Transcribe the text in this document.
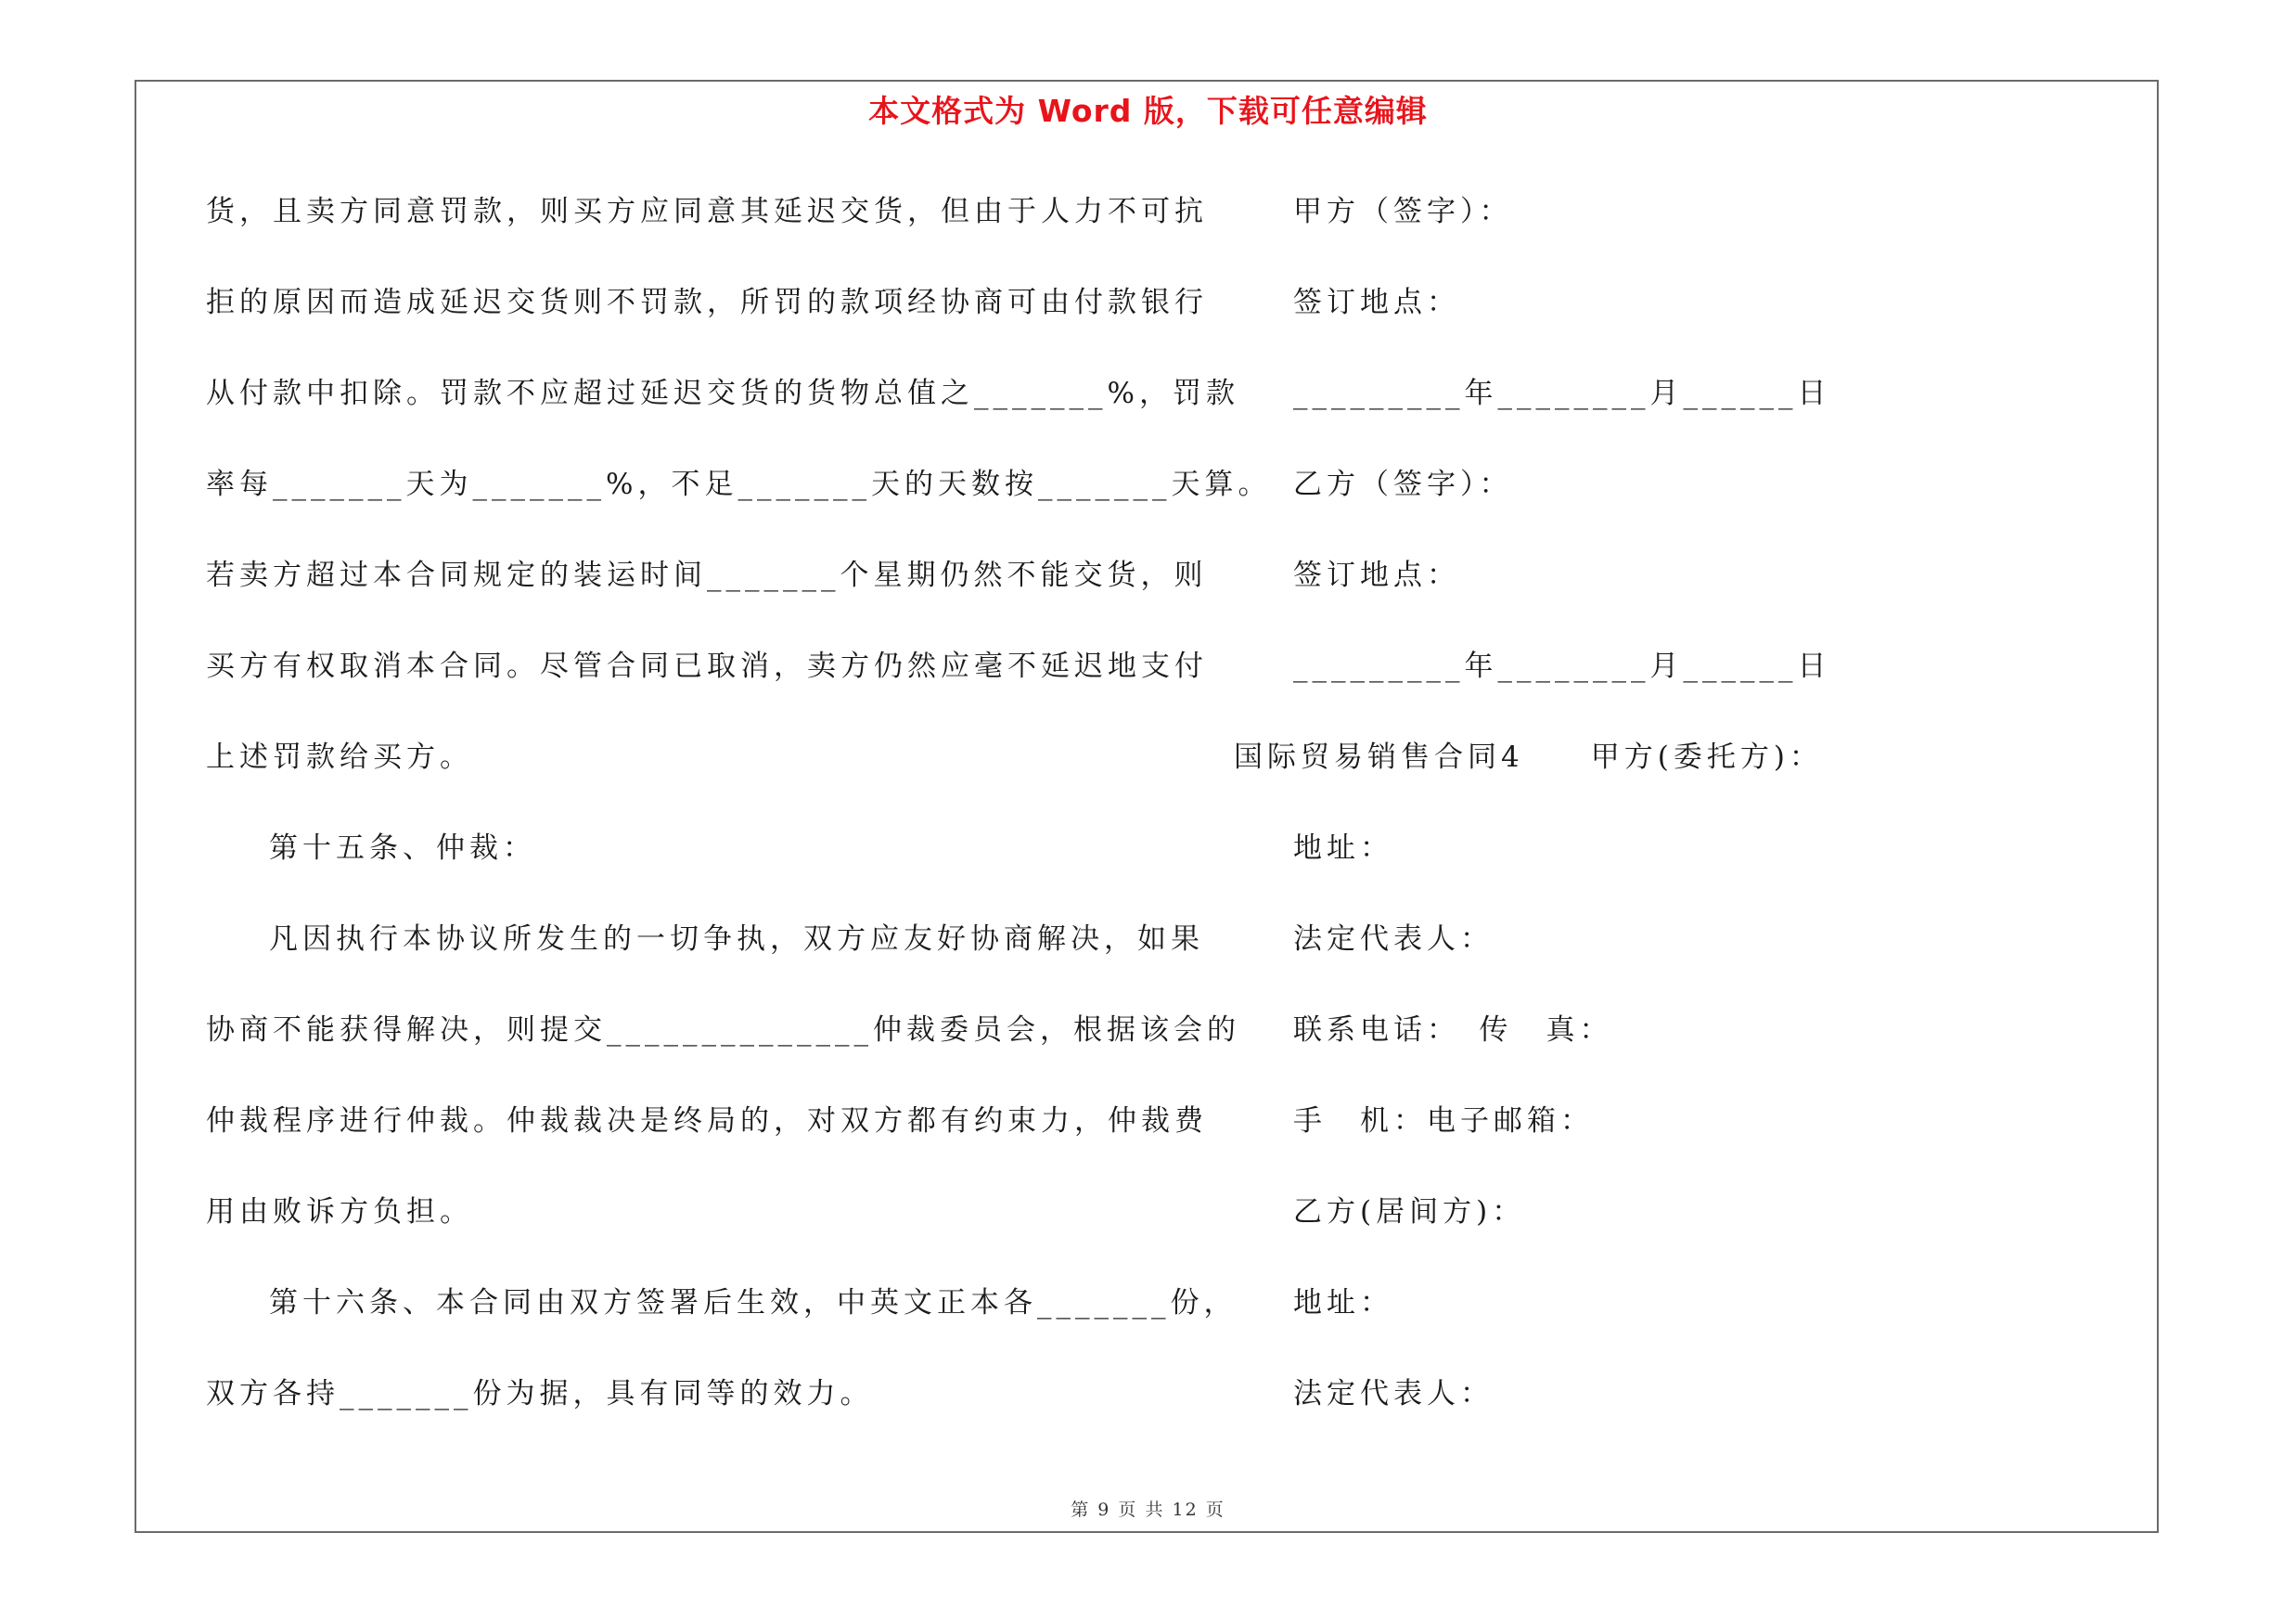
本文格式为 Word 版，下载可任意编辑
货，且卖方同意罚款，则买方应同意其延迟交货，但由于人力不可抗
拒的原因而造成延迟交货则不罚款，所罚的款项经协商可由付款银行
从付款中扣除。罚款不应超过延迟交货的货物总值之_______%，罚款
率每_______天为_______%，不足_______天的天数按_______天算。
若卖方超过本合同规定的装运时间_______个星期仍然不能交货，则
买方有权取消本合同。尽管合同已取消，卖方仍然应毫不延迟地支付
上述罚款给买方。
第十五条、仲裁：
凡因执行本协议所发生的一切争执，双方应友好协商解决，如果
协商不能获得解决，则提交______________仲裁委员会，根据该会的
仲裁程序进行仲裁。仲裁裁决是终局的，对双方都有约束力，仲裁费
用由败诉方负担。
第十六条、本合同由双方签署后生效，中英文正本各_______份，
双方各持_______份为据，具有同等的效力。
甲方（签字）：
签订地点：
_________年________月______日
乙方（签字）：
签订地点：
_________年________月______日
国际贸易销售合同4　　甲方(委托方)：
地址：
法定代表人：
联系电话：　传　真：
手　机：电子邮箱：
乙方(居间方)：
地址：
法定代表人：
第 9 页 共 12 页
